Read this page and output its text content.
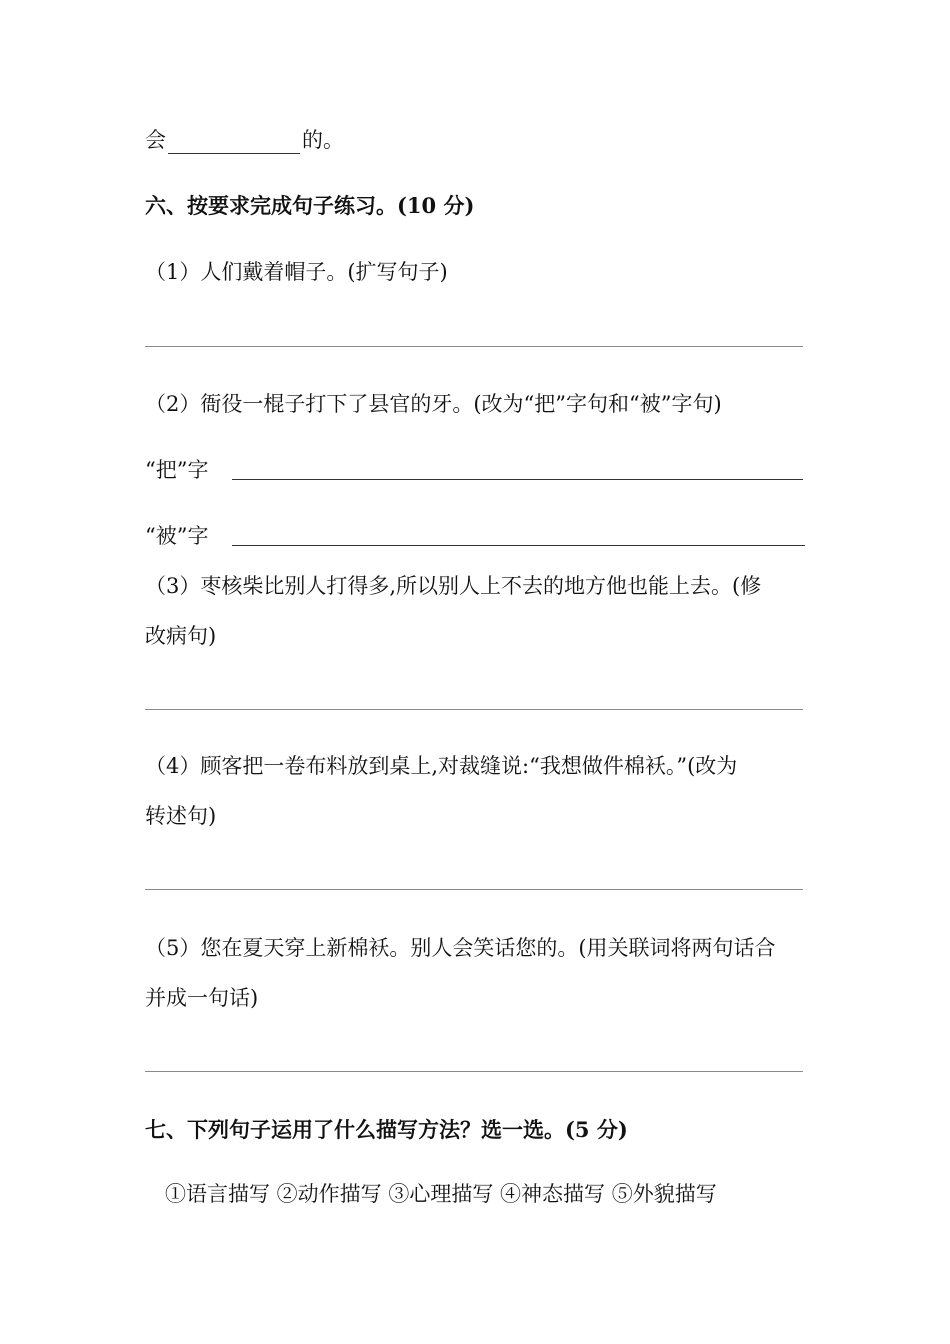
会	的。
六、按要求完成句子练习。(10 分)
（1）人们戴着帽子。(扩写句子)
（2）衙役一棍子打下了县官的牙。(改为“把”字句和“被”字句)
“把”字
“被”字
（3）枣核柴比别人打得多,所以别人上不去的地方他也能上去。(修
改病句)
（4）顾客把一卷布料放到桌上,对裁缝说:“我想做件棉袄。”(改为
转述句)
（5）您在夏天穿上新棉袄。别人会笑话您的。(用关联词将两句话合
并成一句话)
七、下列句子运用了什么描写方法？选一选。(5 分)
①语言描写 ②动作描写 ③心理描写 ④神态描写 ⑤外貌描写
